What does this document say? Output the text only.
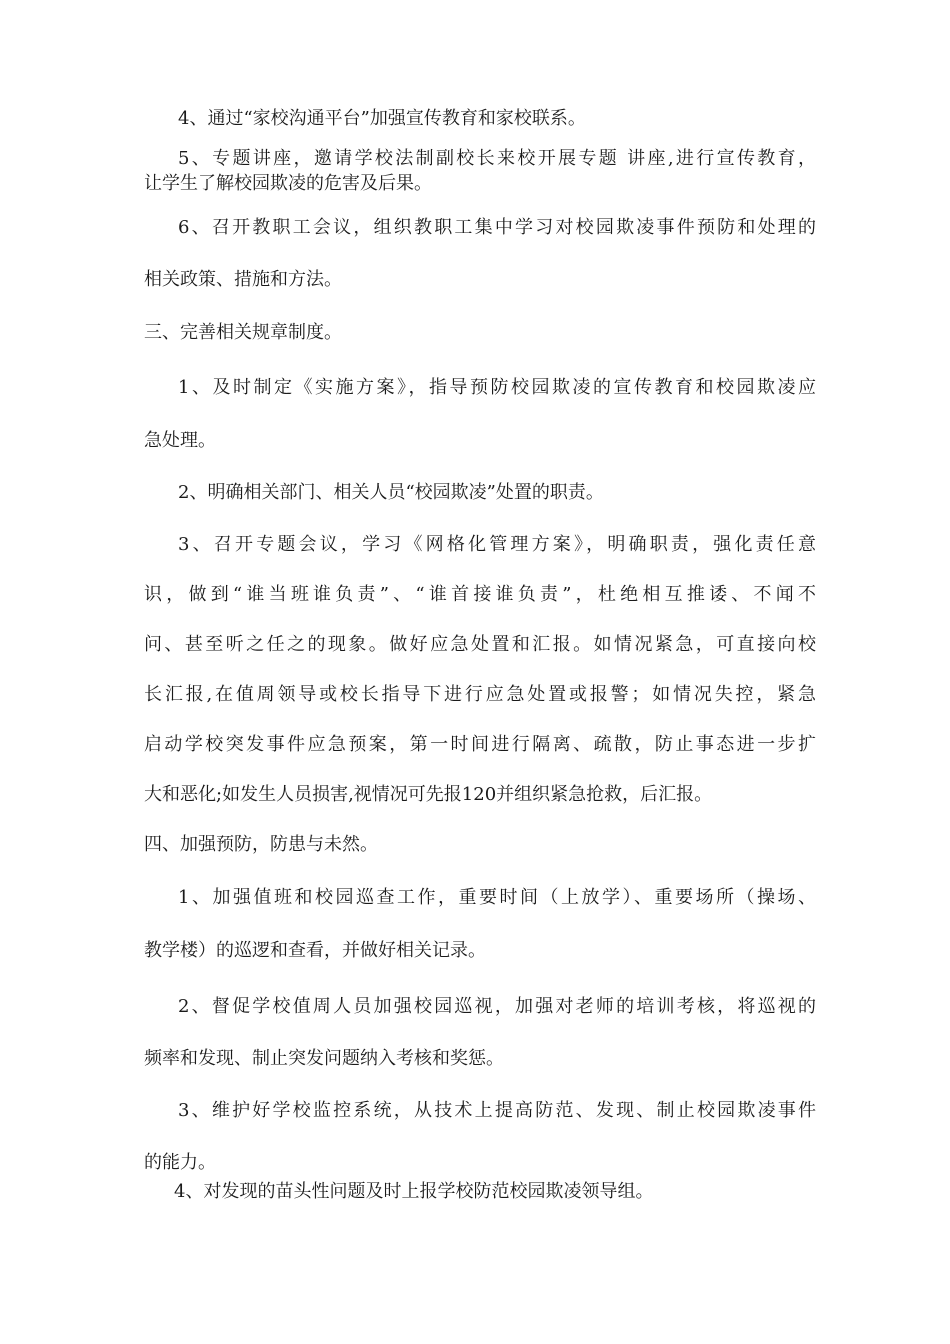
4、通过“家校沟通平台”加强宣传教育和家校联系。

5、专题讲座，邀请学校法制副校长来校开展专题 讲座,进行宣传教育，

让学生了解校园欺凌的危害及后果。

6、召开教职工会议，组织教职工集中学习对校园欺凌事件预防和处理的

相关政策、措施和方法。

三、完善相关规章制度。

1、及时制定《实施方案》，指导预防校园欺凌的宣传教育和校园欺凌应

急处理。

2、明确相关部门、相关人员“校园欺凌”处置的职责。

3、召开专题会议，学习《网格化管理方案》，明确职责，强化责任意

识，做到“谁当班谁负责”、“谁首接谁负责”，杜绝相互推诿、不闻不

问、甚至听之任之的现象。做好应急处置和汇报。如情况紧急，可直接向校

长汇报,在值周领导或校长指导下进行应急处置或报警；如情况失控，紧急

启动学校突发事件应急预案，第一时间进行隔离、疏散，防止事态进一步扩

大和恶化;如发生人员损害,视情况可先报120并组织紧急抢救，后汇报。

四、加强预防，防患与未然。

1、加强值班和校园巡查工作，重要时间（上放学）、重要场所（操场、

教学楼）的巡逻和查看，并做好相关记录。

2、督促学校值周人员加强校园巡视，加强对老师的培训考核，将巡视的

频率和发现、制止突发问题纳入考核和奖惩。

3、维护好学校监控系统，从技术上提高防范、发现、制止校园欺凌事件

的能力。

4、对发现的苗头性问题及时上报学校防范校园欺凌领导组。
